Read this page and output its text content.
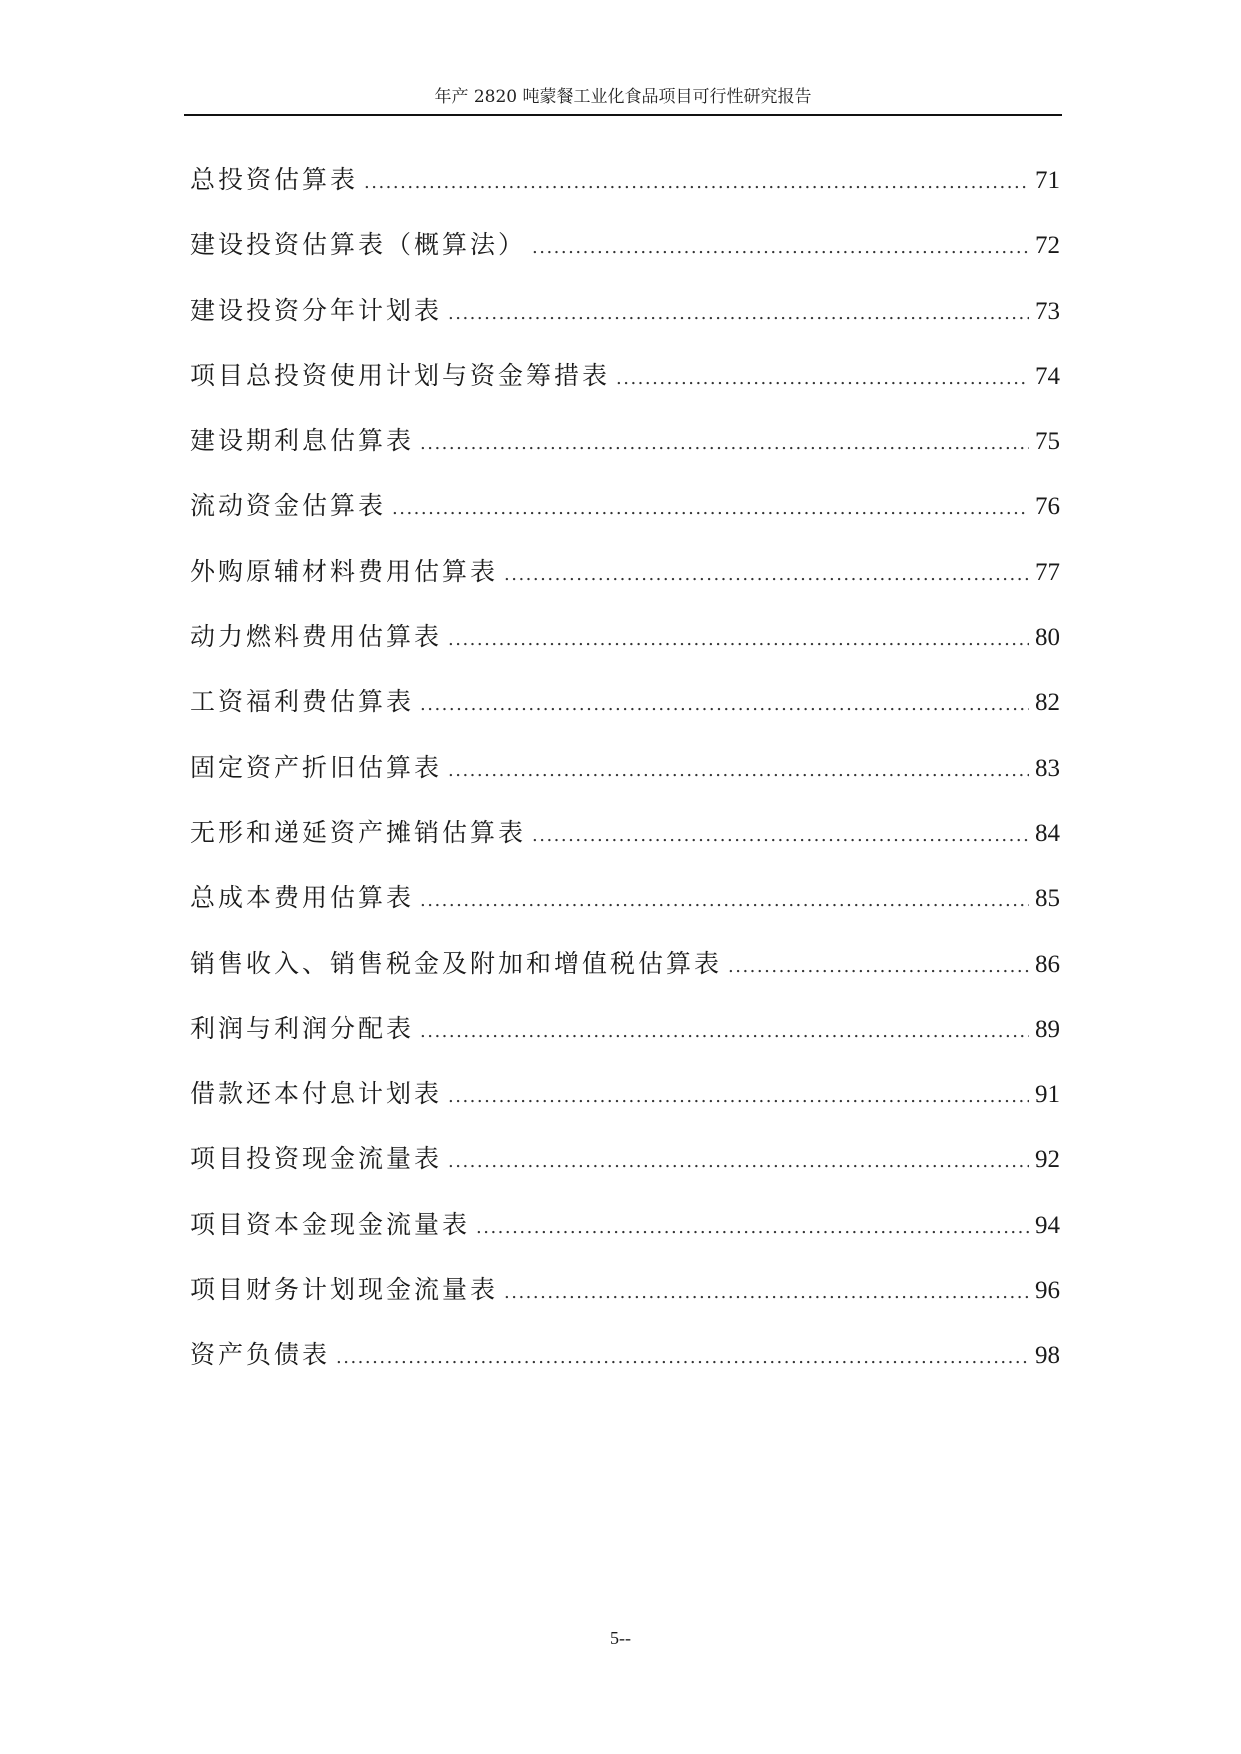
年产 2820 吨蒙餐工业化食品项目可行性研究报告
总投资估算表 .....	71
建设投资估算表（概算法） .....	72
建设投资分年计划表 .....	73
项目总投资使用计划与资金筹措表 .....	74
建设期利息估算表 .....	75
流动资金估算表 .....	76
外购原辅材料费用估算表 .....	77
动力燃料费用估算表 .....	80
工资福利费估算表 .....	82
固定资产折旧估算表 .....	83
无形和递延资产摊销估算表 .....	84
总成本费用估算表 .....	85
销售收入、销售税金及附加和增值税估算表 .....	86
利润与利润分配表 .....	89
借款还本付息计划表 .....	91
项目投资现金流量表 .....	92
项目资本金现金流量表 .....	94
项目财务计划现金流量表 .....	96
资产负债表 .....	98
5--
